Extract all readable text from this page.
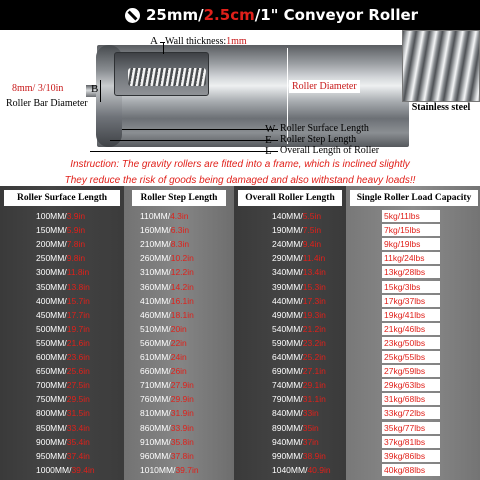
25mm/2.5cm/1" Conveyor Roller
A Wall thickness:1mm
8mm/ 3/10in	B
Roller Bar Diameter
Roller Diameter
W Roller Surface Length
E Roller Step Length
L Overall Length of Roller
Stainless steel
Instruction: The gravity rollers are fitted into a frame, which is inclined slightly
They reduce the risk of goods being damaged and also withstand heavy loads!!
Roller Surface Length
100MM/3.9in
150MM/5.9in
200MM/7.8in
250MM/9.8in
300MM/11.8in
350MM/13.8in
400MM/15.7in
450MM/17.7in
500MM/19.7in
550MM/21.6in
600MM/23.6in
650MM/25.6in
700MM/27.5in
750MM/29.5in
800MM/31.5in
850MM/33.4in
900MM/35.4in
950MM/37.4in
1000MM/39.4in
Roller Step Length
110MM/4.3in
160MM/6.3in
210MM/8.3in
260MM/10.2in
310MM/12.2in
360MM/14.2in
410MM/16.1in
460MM/18.1in
510MM/20in
560MM/22in
610MM/24in
660MM/26in
710MM/27.9in
760MM/29.9in
810MM/31.9in
860MM/33.9in
910MM/35.8in
960MM/37.8in
1010MM/39.7in
Overall Roller Length
140MM/5.5in
190MM/7.5in
240MM/9.4in
290MM/11.4in
340MM/13.4in
390MM/15.3in
440MM/17.3in
490MM/19.3in
540MM/21.2in
590MM/23.2in
640MM/25.2in
690MM/27.1in
740MM/29.1in
790MM/31.1in
840MM/33in
890MM/35in
940MM/37in
990MM/38.9in
1040MM/40.9in
Single Roller Load Capacity
5kg/11lbs
7kg/15lbs
9kg/19lbs
11kg/24lbs
13kg/28lbs
15kg/3lbs
17kg/37lbs
19kg/41lbs
21kg/46lbs
23kg/50lbs
25kg/55lbs
27kg/59lbs
29kg/63lbs
31kg/68lbs
33kg/72lbs
35kg/77lbs
37kg/81lbs
39kg/86lbs
40kg/88lbs
